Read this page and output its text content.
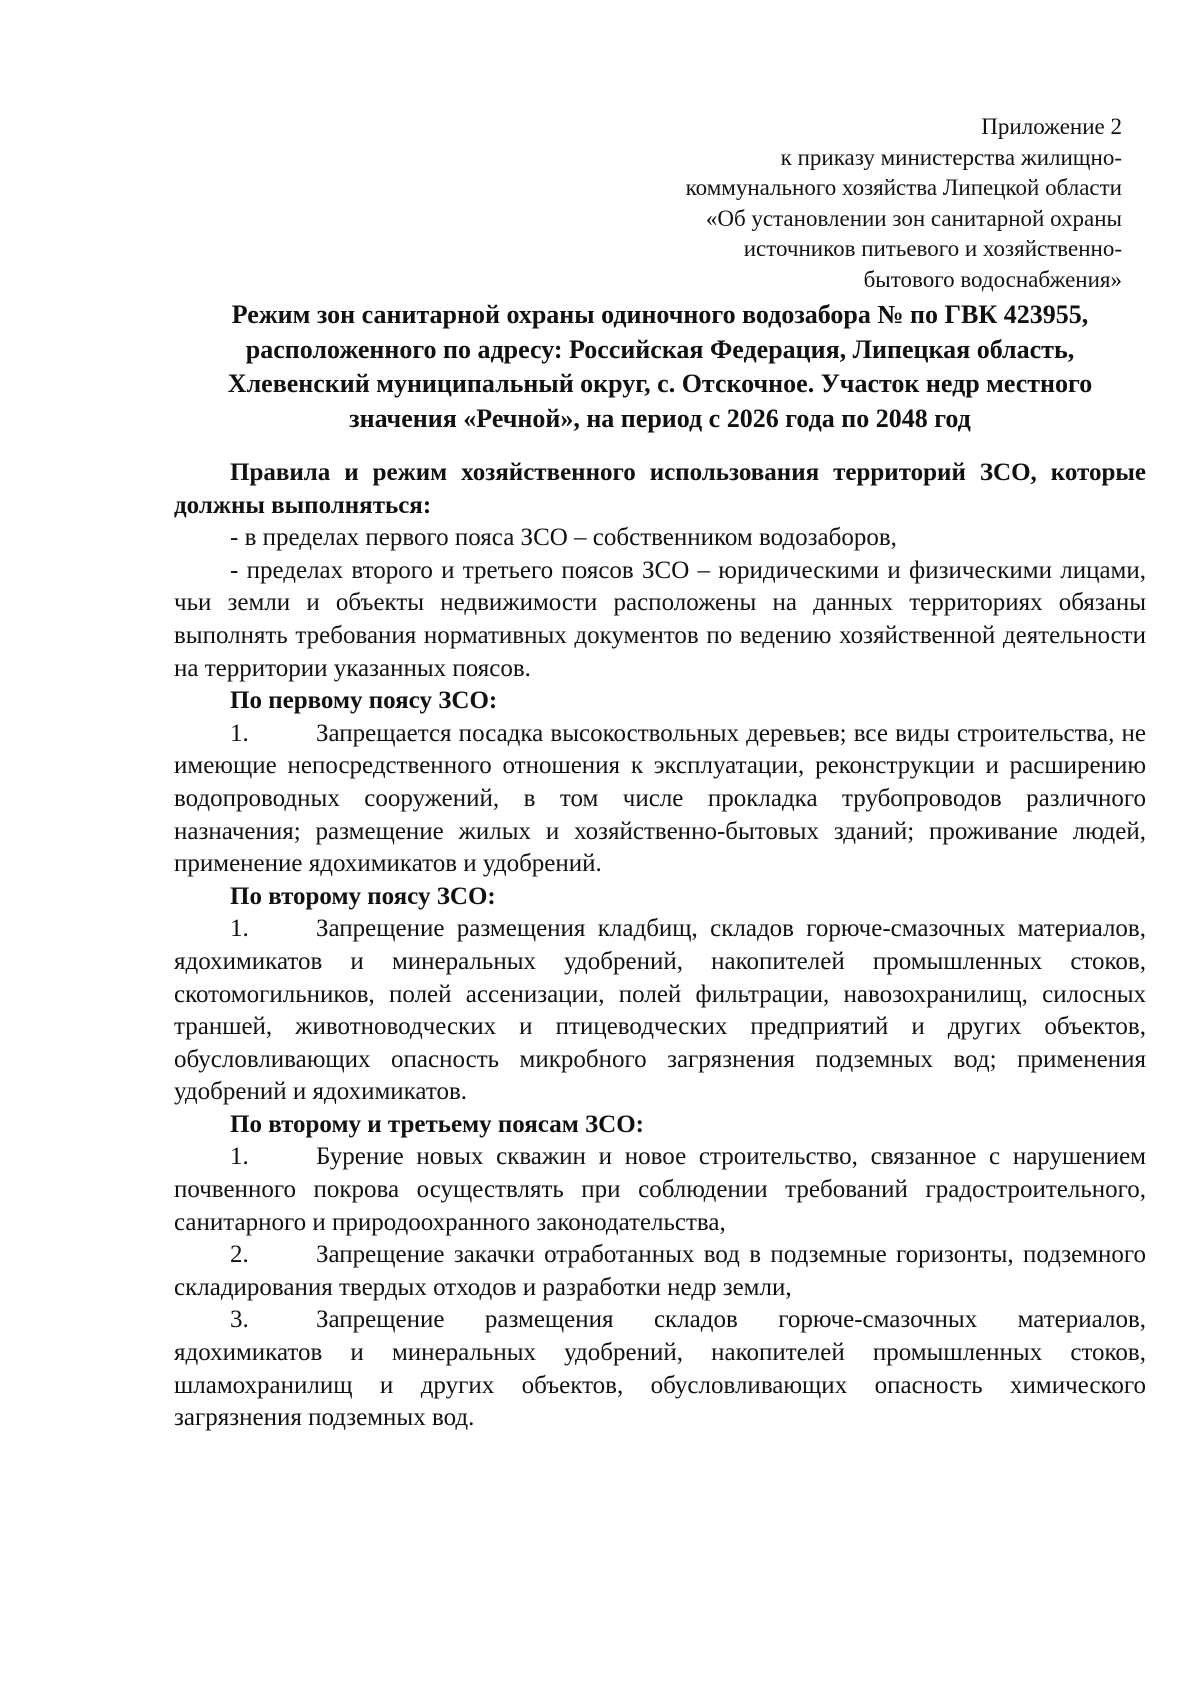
Приложение 2
к приказу министерства жилищно-
коммунального хозяйства Липецкой области
«Об установлении зон санитарной охраны
источников питьевого и хозяйственно-
бытового водоснабжения»
Режим зон санитарной охраны одиночного водозабора № по ГВК 423955,
расположенного по адресу: Российская Федерация, Липецкая область,
Хлевенский муниципальный округ, с. Отскочное. Участок недр местного
значения «Речной», на период с 2026 года по 2048 год

Правила и режим хозяйственного использования территорий ЗСО, которые должны выполняться:

- в пределах первого пояса ЗСО – собственником водозаборов,

- пределах второго и третьего поясов ЗСО – юридическими и физическими лицами, чьи земли и объекты недвижимости расположены на данных территориях обязаны выполнять требования нормативных документов по ведению хозяйственной деятельности на территории указанных поясов.

По первому поясу ЗСО:

1.	Запрещается посадка высокоствольных деревьев; все виды строительства, не имеющие непосредственного отношения к эксплуатации, реконструкции и расширению водопроводных сооружений, в том числе прокладка трубопроводов различного назначения; размещение жилых и хозяйственно-бытовых зданий; проживание людей, применение ядохимикатов и удобрений.

По второму поясу ЗСО:

1.	Запрещение размещения кладбищ, складов горюче-смазочных материалов, ядохимикатов и минеральных удобрений, накопителей промышленных стоков, скотомогильников, полей ассенизации, полей фильтрации, навозохранилищ, силосных траншей, животноводческих и птицеводческих предприятий и других объектов, обусловливающих опасность микробного загрязнения подземных вод; применения удобрений и ядохимикатов.

По второму и третьему поясам ЗСО:

1.	Бурение новых скважин и новое строительство, связанное с нарушением почвенного покрова осуществлять при соблюдении требований градостроительного, санитарного и природоохранного законодательства,

2.	Запрещение закачки отработанных вод в подземные горизонты, подземного складирования твердых отходов и разработки недр земли,

3.	Запрещение размещения складов горюче-смазочных материалов, ядохимикатов и минеральных удобрений, накопителей промышленных стоков, шламохранилищ и других объектов, обусловливающих опасность химического загрязнения подземных вод.
